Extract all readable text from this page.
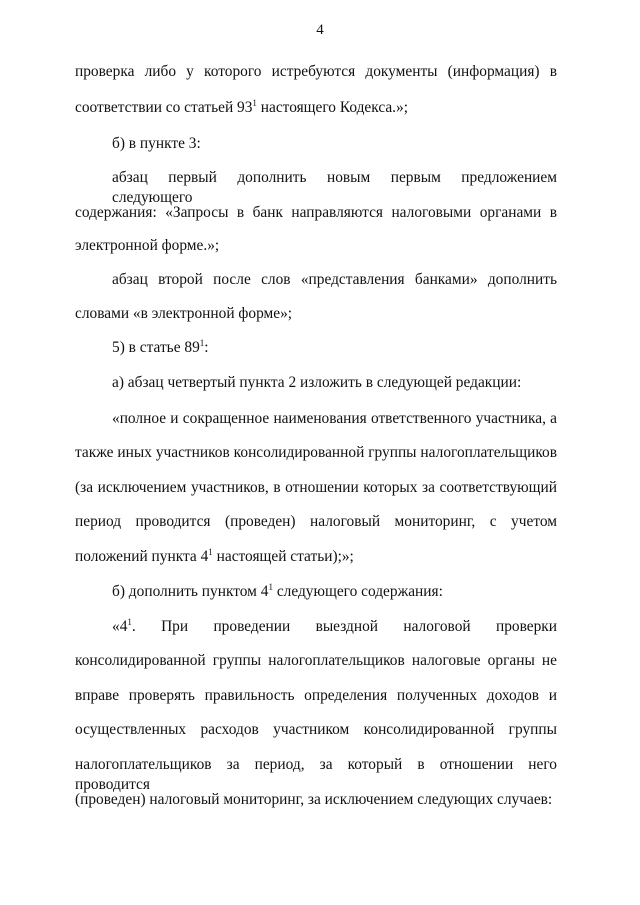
4
проверка либо у которого истребуются документы (информация) в
соответствии со статьей $93^1$ настоящего Кодекса.»;
б) в пункте 3:
абзац первый дополнить новым первым предложением следующего
содержания: «Запросы в банк направляются налоговыми органами в
электронной форме.»;
абзац второй после слов «представления банками» дополнить
словами «в электронной форме»;
5) в статье $89^1$:
а) абзац четвертый пункта 2 изложить в следующей редакции:
«полное и сокращенное наименования ответственного участника, а
также иных участников консолидированной группы налогоплательщиков
(за исключением участников, в отношении которых за соответствующий
период проводится (проведен) налоговый мониторинг, с учетом
положений пункта $4^1$ настоящей статьи);»;
б) дополнить пунктом $4^1$ следующего содержания:
«$4^1$. При проведении выездной налоговой проверки
консолидированной группы налогоплательщиков налоговые органы не
вправе проверять правильность определения полученных доходов и
осуществленных расходов участником консолидированной группы
налогоплательщиков за период, за который в отношении него проводится
(проведен) налоговый мониторинг, за исключением следующих случаев:
